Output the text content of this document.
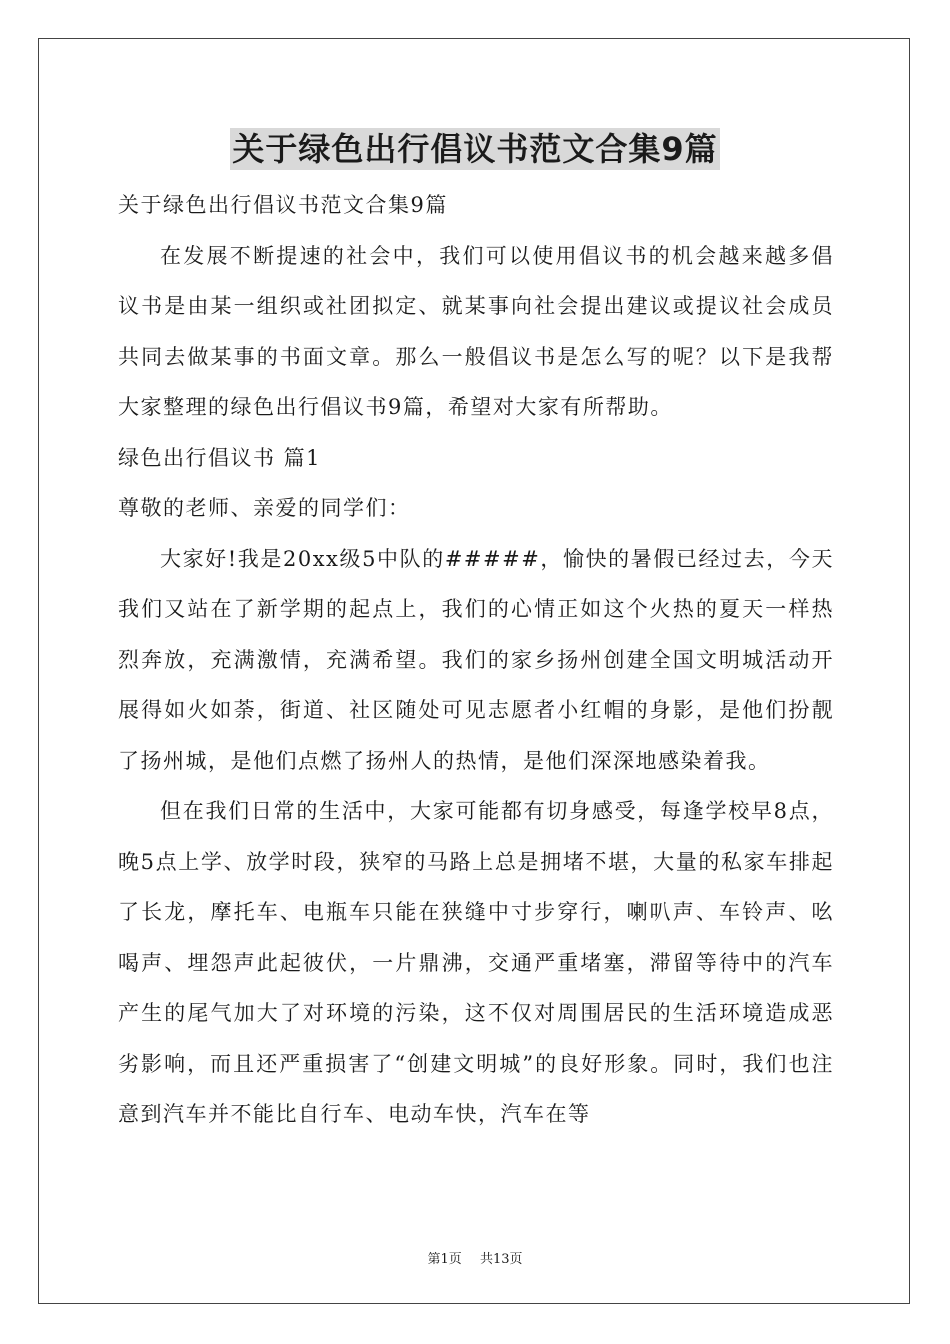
关于绿色出行倡议书范文合集9篇

关于绿色出行倡议书范文合集9篇

在发展不断提速的社会中，我们可以使用倡议书的机会越来越多倡议书是由某一组织或社团拟定、就某事向社会提出建议或提议社会成员共同去做某事的书面文章。那么一般倡议书是怎么写的呢？以下是我帮大家整理的绿色出行倡议书9篇，希望对大家有所帮助。

绿色出行倡议书 篇1

尊敬的老师、亲爱的同学们：

大家好!我是20xx级5中队的#####，愉快的暑假已经过去，今天我们又站在了新学期的起点上，我们的心情正如这个火热的夏天一样热烈奔放，充满激情，充满希望。我们的家乡扬州创建全国文明城活动开展得如火如荼，街道、社区随处可见志愿者小红帽的身影，是他们扮靓了扬州城，是他们点燃了扬州人的热情，是他们深深地感染着我。

但在我们日常的生活中，大家可能都有切身感受，每逢学校早8点，晚5点上学、放学时段，狭窄的马路上总是拥堵不堪，大量的私家车排起了长龙，摩托车、电瓶车只能在狭缝中寸步穿行，喇叭声、车铃声、吆喝声、埋怨声此起彼伏，一片鼎沸，交通严重堵塞，滞留等待中的汽车产生的尾气加大了对环境的污染，这不仅对周围居民的生活环境造成恶劣影响，而且还严重损害了“创建文明城”的良好形象。同时，我们也注意到汽车并不能比自行车、电动车快，汽车在等

第1页 共13页
